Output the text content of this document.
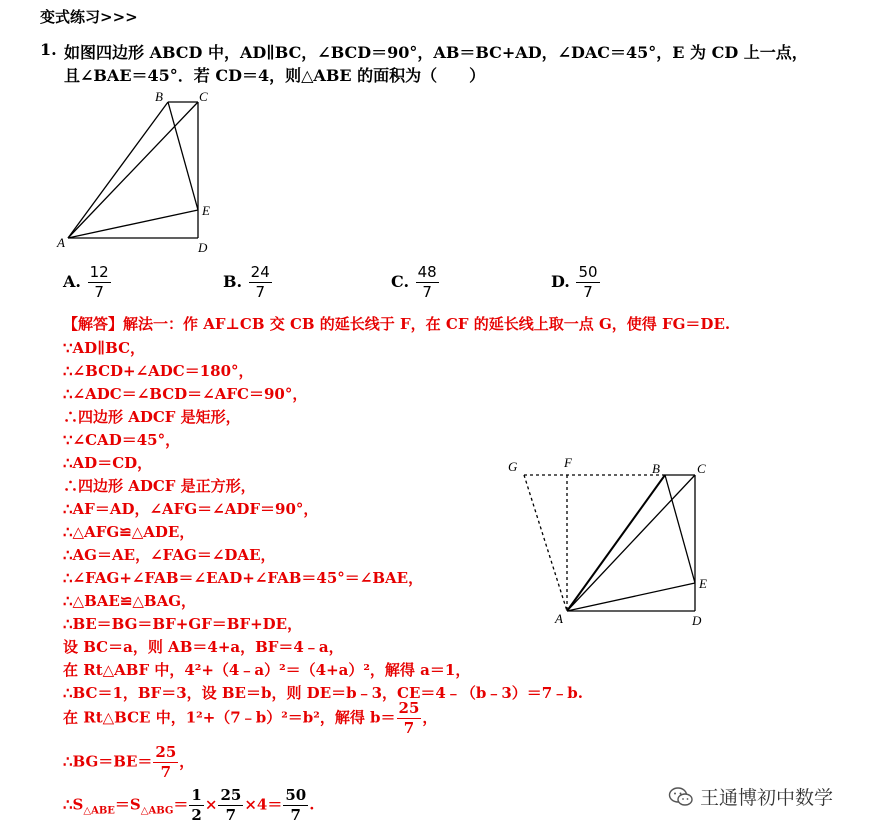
变式练习>>>
1. 如图四边形 ABCD 中，AD∥BC，∠BCD＝90°，AB＝BC+AD，∠DAC＝45°，E 为 CD 上一点，
且∠BAE＝45°．若 CD＝4，则△ABE 的面积为（　　）
B	C
E
A	D
A. $\frac{12}{7}$	B. $\frac{24}{7}$	C. $\frac{48}{7}$	D. $\frac{50}{7}$
【解答】解法一：作 AF⊥CB 交 CB 的延长线于 F，在 CF 的延长线上取一点 G，使得 FG＝DE.
∵AD∥BC，
∴∠BCD+∠ADC＝180°，
∴∠ADC＝∠BCD＝∠AFC＝90°，
∴四边形 ADCF 是矩形，
∵∠CAD＝45°，
∴AD＝CD，
∴四边形 ADCF 是正方形，
∴AF＝AD，∠AFG＝∠ADF＝90°，
∴△AFG≌△ADE，
∴AG＝AE，∠FAG＝∠DAE，
∴∠FAG+∠FAB＝∠EAD+∠FAB＝45°＝∠BAE，
∴△BAE≌△BAG，
∴BE＝BG＝BF+GF＝BF+DE，
设 BC＝a，则 AB＝4+a，BF＝4﹣a，
在 Rt△ABF 中，4²+（4﹣a）²＝（4+a）²，解得 a＝1，
∴BC＝1，BF＝3，设 BE＝b，则 DE＝b﹣3，CE＝4﹣（b﹣3）＝7﹣b.
在 Rt△BCE 中，1²+（7﹣b）²＝b²，解得 $b= \frac{25}{7}$ ，
∴BG＝BE＝ $\frac{25}{7}$ ，
$\therefore S_{\triangle ABE}=S_{\triangle ABG}= \frac{1}{2} \times \frac{25}{7} \times 4= \frac{50}{7}$ .
G	F	B	C
E
A	D
王通博初中数学
